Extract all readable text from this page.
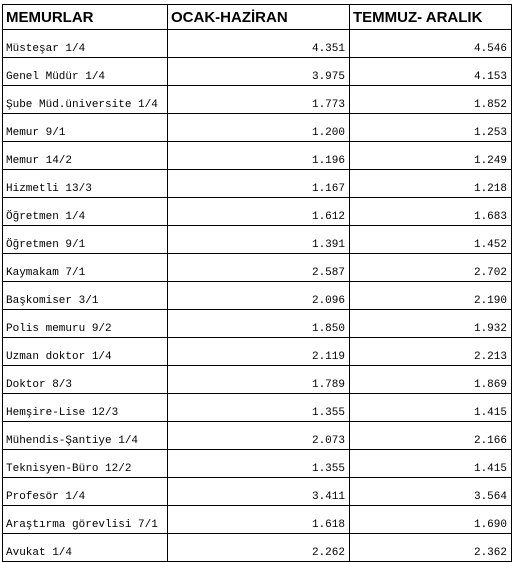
MEMURLAR	OCAK-HAZİRAN	TEMMUZ- ARALIK
Müsteşar 1/4	4.351	4.546
Genel Müdür 1/4	3.975	4.153
Şube Müd.üniversite 1/4	1.773	1.852
Memur 9/1	1.200	1.253
Memur 14/2	1.196	1.249
Hizmetli 13/3	1.167	1.218
Öğretmen 1/4	1.612	1.683
Öğretmen 9/1	1.391	1.452
Kaymakam 7/1	2.587	2.702
Başkomiser 3/1	2.096	2.190
Polis memuru 9/2	1.850	1.932
Uzman doktor 1/4	2.119	2.213
Doktor 8/3	1.789	1.869
Hemşire-Lise 12/3	1.355	1.415
Mühendis-Şantiye 1/4	2.073	2.166
Teknisyen-Büro 12/2	1.355	1.415
Profesör 1/4	3.411	3.564
Araştırma görevlisi 7/1	1.618	1.690
Avukat 1/4	2.262	2.362
